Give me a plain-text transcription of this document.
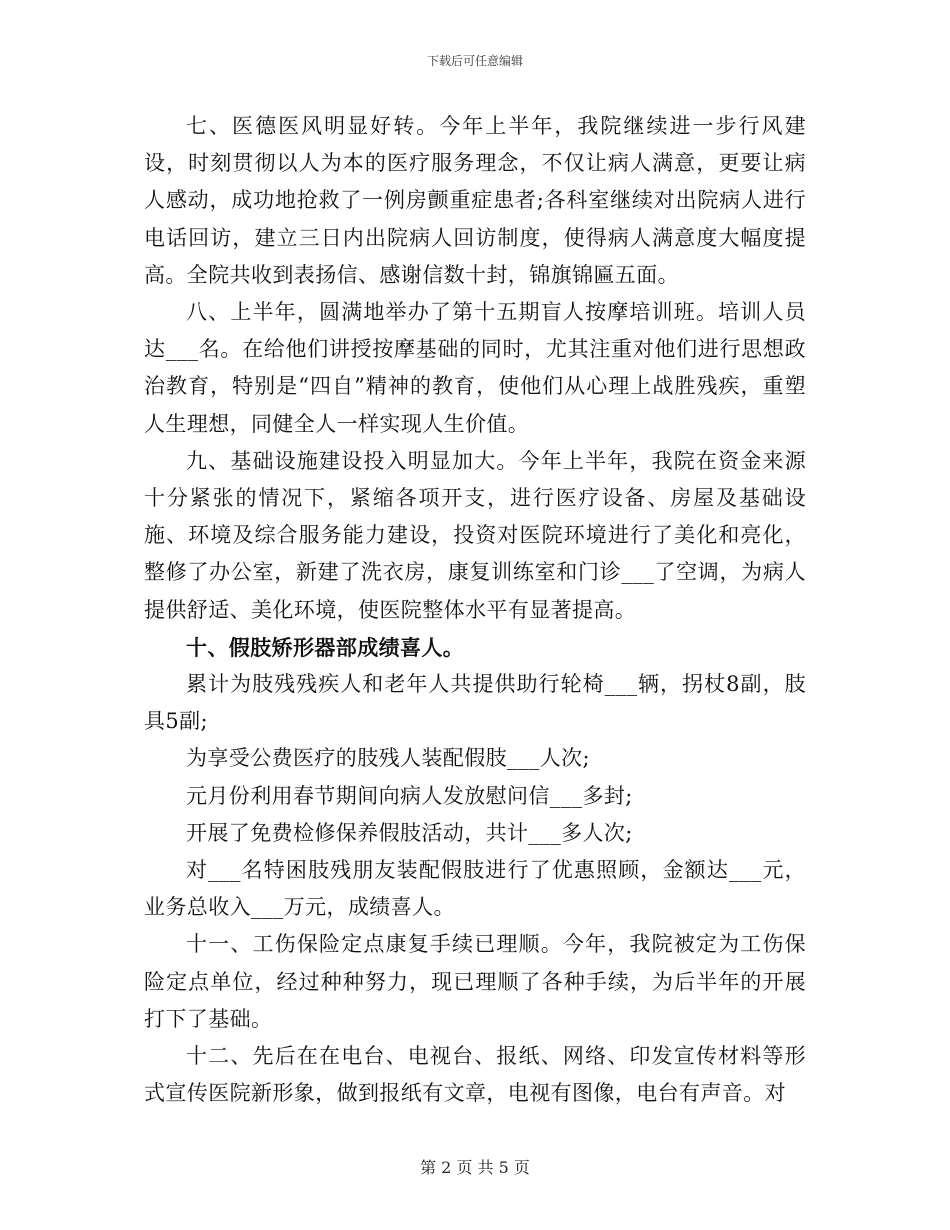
下载后可任意编辑

七、医德医风明显好转。今年上半年，我院继续进一步行风建设，时刻贯彻以人为本的医疗服务理念，不仅让病人满意，更要让病人感动，成功地抢救了一例房颤重症患者;各科室继续对出院病人进行电话回访，建立三日内出院病人回访制度，使得病人满意度大幅度提高。全院共收到表扬信、感谢信数十封，锦旗锦匾五面。

八、上半年，圆满地举办了第十五期盲人按摩培训班。培训人员达___名。在给他们讲授按摩基础的同时，尤其注重对他们进行思想政治教育，特别是“四自”精神的教育，使他们从心理上战胜残疾，重塑人生理想，同健全人一样实现人生价值。

九、基础设施建设投入明显加大。今年上半年，我院在资金来源十分紧张的情况下，紧缩各项开支，进行医疗设备、房屋及基础设施、环境及综合服务能力建设，投资对医院环境进行了美化和亮化，整修了办公室，新建了洗衣房，康复训练室和门诊___了空调，为病人提供舒适、美化环境，使医院整体水平有显著提高。

十、假肢矫形器部成绩喜人。

累计为肢残残疾人和老年人共提供助行轮椅___辆，拐杖8副，肢具5副;

为享受公费医疗的肢残人装配假肢___人次;

元月份利用春节期间向病人发放慰问信___多封;

开展了免费检修保养假肢活动，共计___多人次;

对___名特困肢残朋友装配假肢进行了优惠照顾，金额达___元，业务总收入___万元，成绩喜人。

十一、工伤保险定点康复手续已理顺。今年，我院被定为工伤保险定点单位，经过种种努力，现已理顺了各种手续，为后半年的开展打下了基础。

十二、先后在在电台、电视台、报纸、网络、印发宣传材料等形式宣传医院新形象，做到报纸有文章，电视有图像，电台有声音。对

第 2 页 共 5 页
